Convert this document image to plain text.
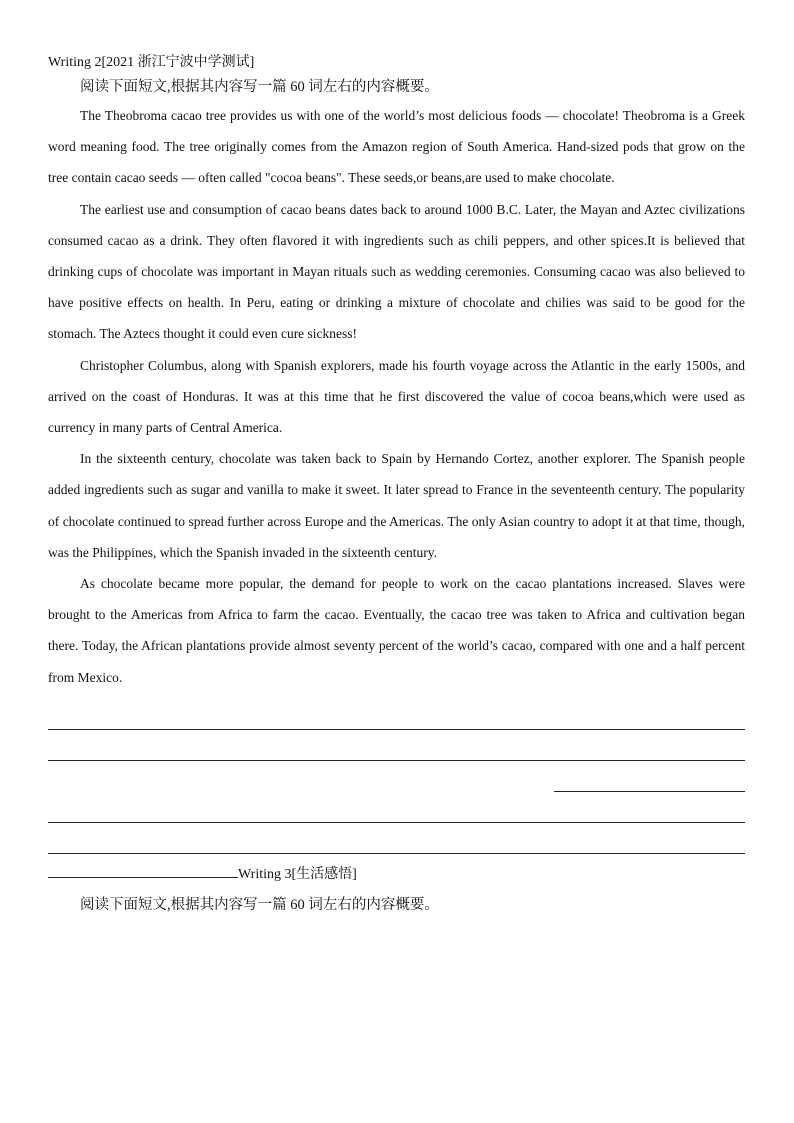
Writing 2[2021 浙江宁波中学测试]
阅读下面短文,根据其内容写一篇 60 词左右的内容概要。

The Theobroma cacao tree provides us with one of the world’s most delicious foods — chocolate! Theobroma is a Greek word meaning food. The tree originally comes from the Amazon region of South America. Hand-sized pods that grow on the tree contain cacao seeds — often called "cocoa beans". These seeds,or beans,are used to make chocolate.

The earliest use and consumption of cacao beans dates back to around 1000 B.C. Later, the Mayan and Aztec civilizations consumed cacao as a drink. They often flavored it with ingredients such as chili peppers, and other spices.It is believed that drinking cups of chocolate was important in Mayan rituals such as wedding ceremonies. Consuming cacao was also believed to have positive effects on health. In Peru, eating or drinking a mixture of chocolate and chilies was said to be good for the stomach. The Aztecs thought it could even cure sickness!

Christopher Columbus, along with Spanish explorers, made his fourth voyage across the Atlantic in the early 1500s, and arrived on the coast of Honduras. It was at this time that he first discovered the value of cocoa beans,which were used as currency in many parts of Central America.

In the sixteenth century, chocolate was taken back to Spain by Hernando Cortez, another explorer. The Spanish people added ingredients such as sugar and vanilla to make it sweet. It later spread to France in the seventeenth century. The popularity of chocolate continued to spread further across Europe and the Americas. The only Asian country to adopt it at that time, though, was the Philippines, which the Spanish invaded in the sixteenth century.

As chocolate became more popular, the demand for people to work on the cacao plantations increased. Slaves were brought to the Americas from Africa to farm the cacao. Eventually, the cacao tree was taken to Africa and cultivation began there. Today, the African plantations provide almost seventy percent of the world’s cacao, compared with one and a half percent from Mexico.

Writing 3[生活感悟]
阅读下面短文,根据其内容写一篇 60 词左右的内容概要。
